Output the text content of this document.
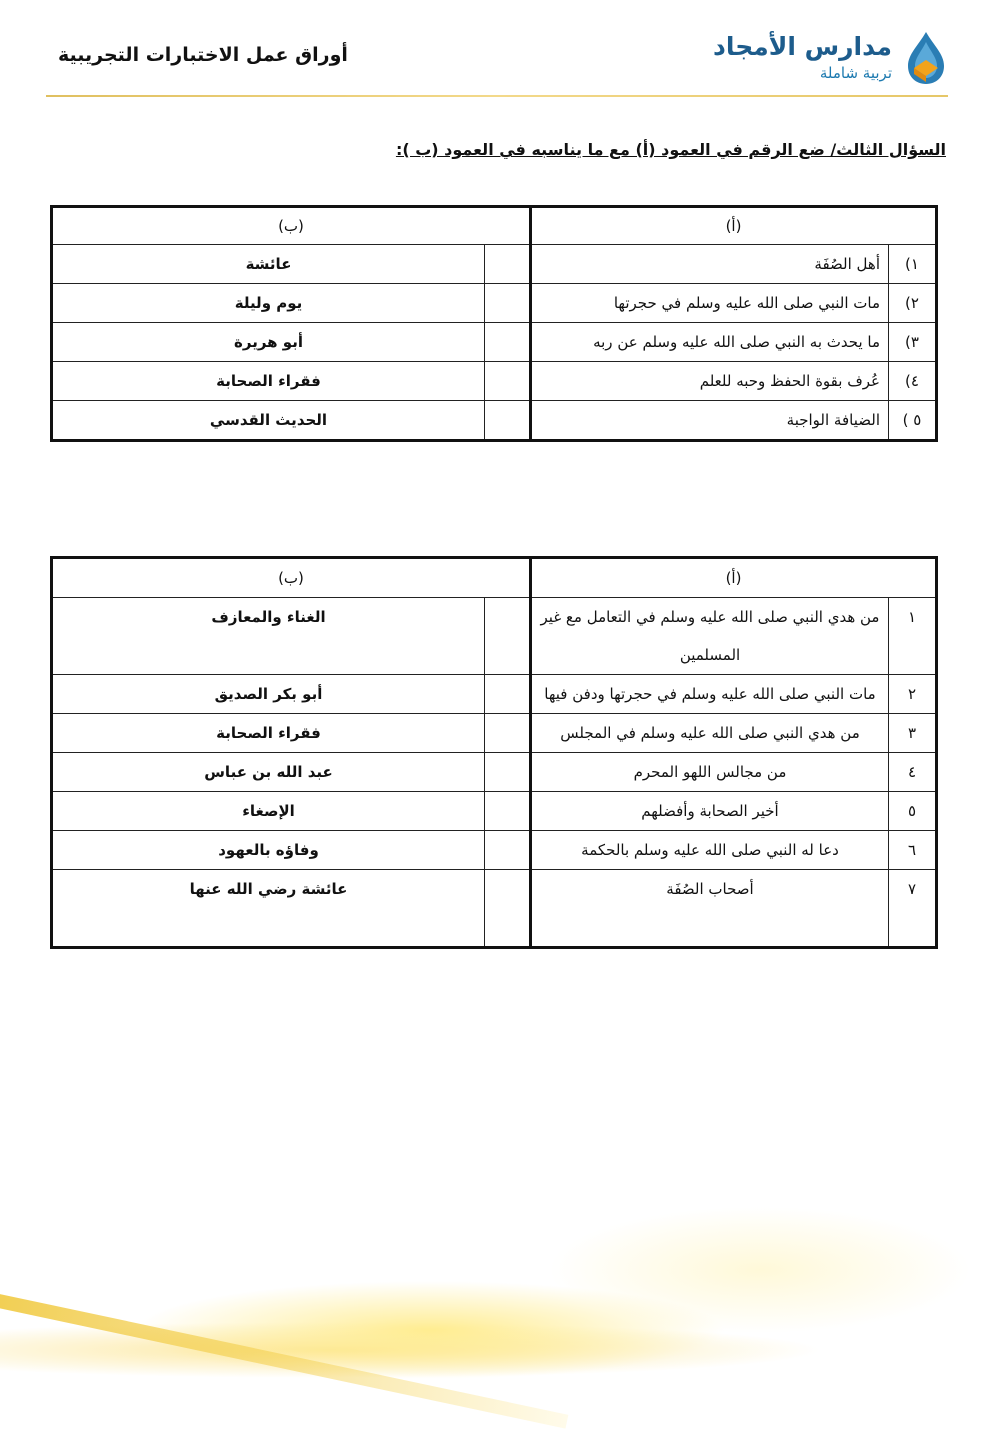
أوراق عمل الاختبارات التجريبية	مدارس الأمجاد
تربية شاملة
السؤال الثالث/ ضع الرقم في العمود (أ) مع ما يناسبه في العمود (ب ):
(أ)		(ب)	
١)	أهل الصُفَة		عائشة
٢)	مات النبي صلى الله عليه وسلم في حجرتها		يوم وليلة
٣)	ما يحدث به النبي صلى الله عليه وسلم عن ربه		أبو هريرة
٤)	عُرف بقوة الحفظ وحبه للعلم		فقراء الصحابة
٥ )	الضيافة الواجبة		الحديث القدسي
(أ)		(ب)	
١	من هدي النبي صلى الله عليه وسلم في التعامل مع غير المسلمين		الغناء والمعازف
٢	مات النبي صلى الله عليه وسلم في حجرتها ودفن فيها		أبو بكر الصديق
٣	من هدي النبي صلى الله عليه وسلم في المجلس		فقراء الصحابة
٤	من مجالس اللهو المحرم		عبد الله بن عباس
٥	أخير الصحابة وأفضلهم		الإصغاء
٦	دعا له النبي صلى الله عليه وسلم بالحكمة		وفاؤه بالعهود
٧	أصحاب الصُفَة		عائشة رضي الله عنها
